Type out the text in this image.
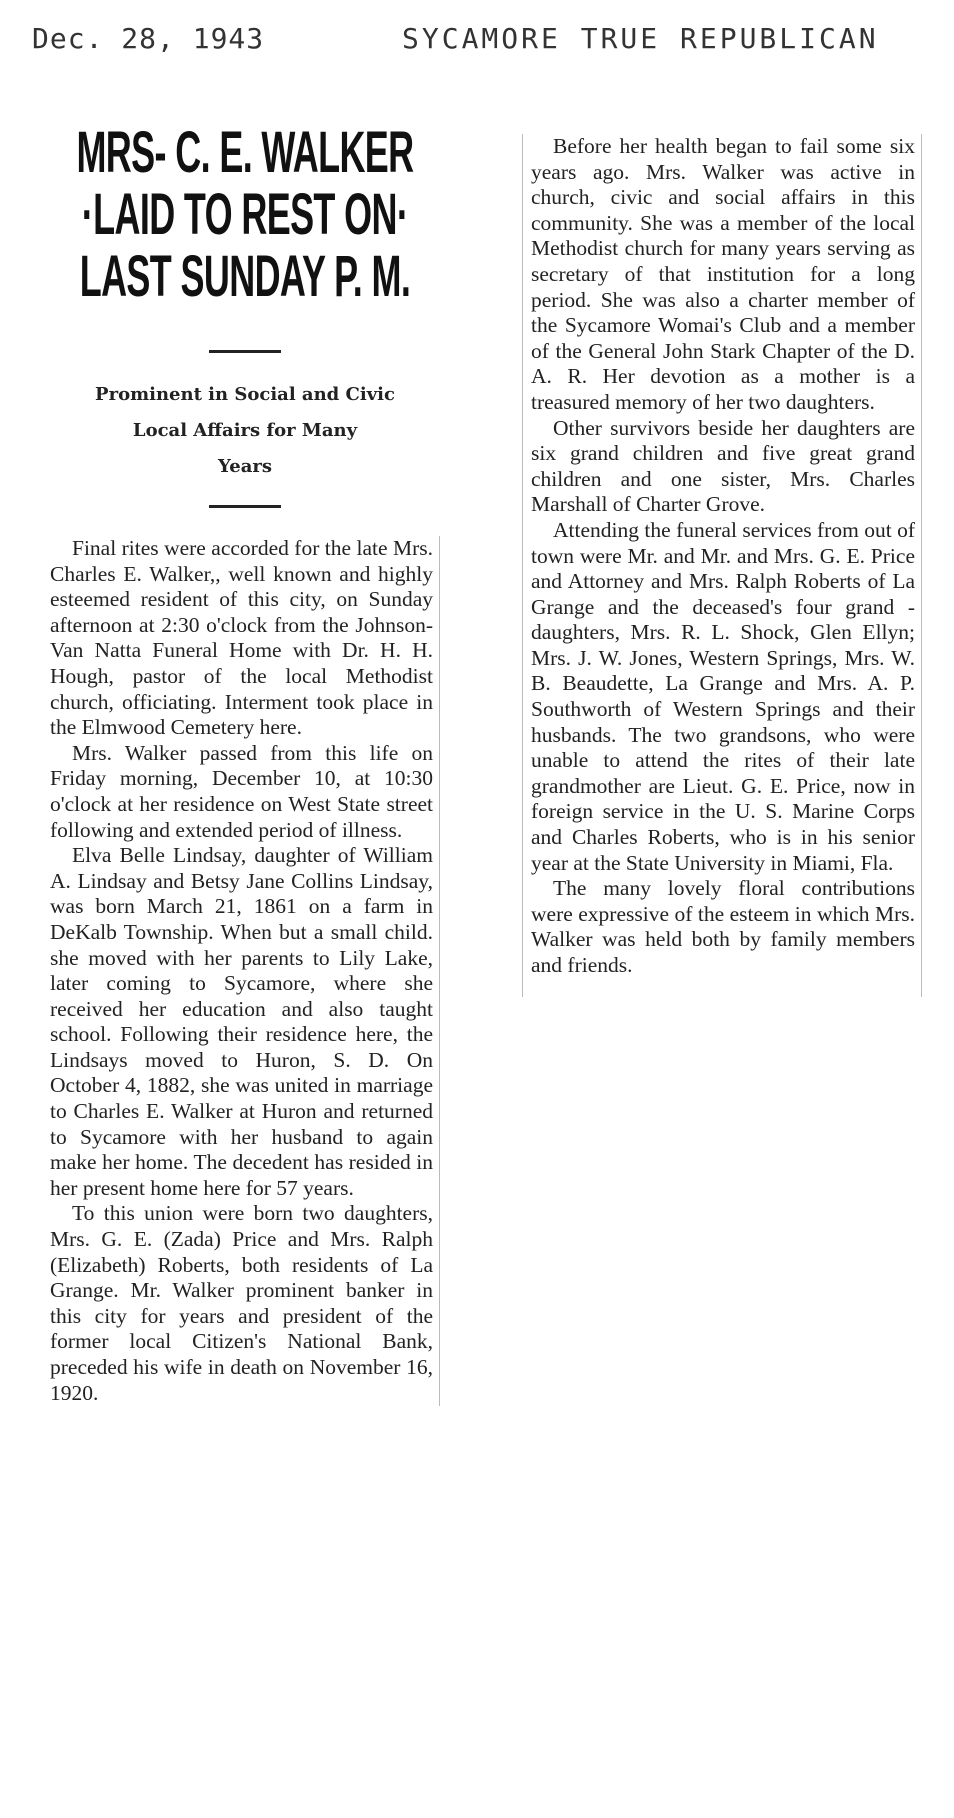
Dec. 28, 1943	SYCAMORE TRUE REPUBLICAN
MRS- C. E. WALKER
·LAID TO REST ON·
LAST SUNDAY P. M.
Prominent in Social and Civic
Local Affairs for Many
Years

Final rites were accorded for the late Mrs. Charles E. Walker,, well known and highly esteemed resident of this city, on Sunday afternoon at 2:30 o'clock from the Johnson-Van Natta Funeral Home with Dr. H. H. Hough, pastor of the local Methodist church, officiating. Interment took place in the Elmwood Cemetery here.

Mrs. Walker passed from this life on Friday morning, December 10, at 10:30 o'clock at her residence on West State street following and extended period of illness.

Elva Belle Lindsay, daughter of William A. Lindsay and Betsy Jane Collins Lindsay, was born March 21, 1861 on a farm in DeKalb Township. When but a small child. she moved with her parents to Lily Lake, later coming to Sycamore, where she received her education and also taught school. Following their residence here, the Lindsays moved to Huron, S. D. On October 4, 1882, she was united in marriage to Charles E. Walker at Huron and returned to Sycamore with her husband to again make her home. The decedent has resided in her present home here for 57 years.

To this union were born two daughters, Mrs. G. E. (Zada) Price and Mrs. Ralph (Elizabeth) Roberts, both residents of La Grange. Mr. Walker prominent banker in this city for years and president of the former local Citizen's National Bank, preceded his wife in death on November 16, 1920.

Before her health began to fail some six years ago. Mrs. Walker was active in church, civic and social affairs in this community. She was a member of the local Methodist church for many years serving as secretary of that institution for a long period. She was also a charter member of the Sycamore Womai's Club and a member of the General John Stark Chapter of the D. A. R. Her devotion as a mother is a treasured memory of her two daughters.

Other survivors beside her daughters are six grand children and five great grand children and one sister, Mrs. Charles Marshall of Charter Grove.

Attending the funeral services from out of town were Mr. and Mr. and Mrs. G. E. Price and Attorney and Mrs. Ralph Roberts of La Grange and the deceased's four grand - daughters, Mrs. R. L. Shock, Glen Ellyn; Mrs. J. W. Jones, Western Springs, Mrs. W. B. Beaudette, La Grange and Mrs. A. P. Southworth of Western Springs and their husbands. The two grandsons, who were unable to attend the rites of their late grandmother are Lieut. G. E. Price, now in foreign service in the U. S. Marine Corps and Charles Roberts, who is in his senior year at the State University in Miami, Fla.

The many lovely floral contributions were expressive of the esteem in which Mrs. Walker was held both by family members and friends.
